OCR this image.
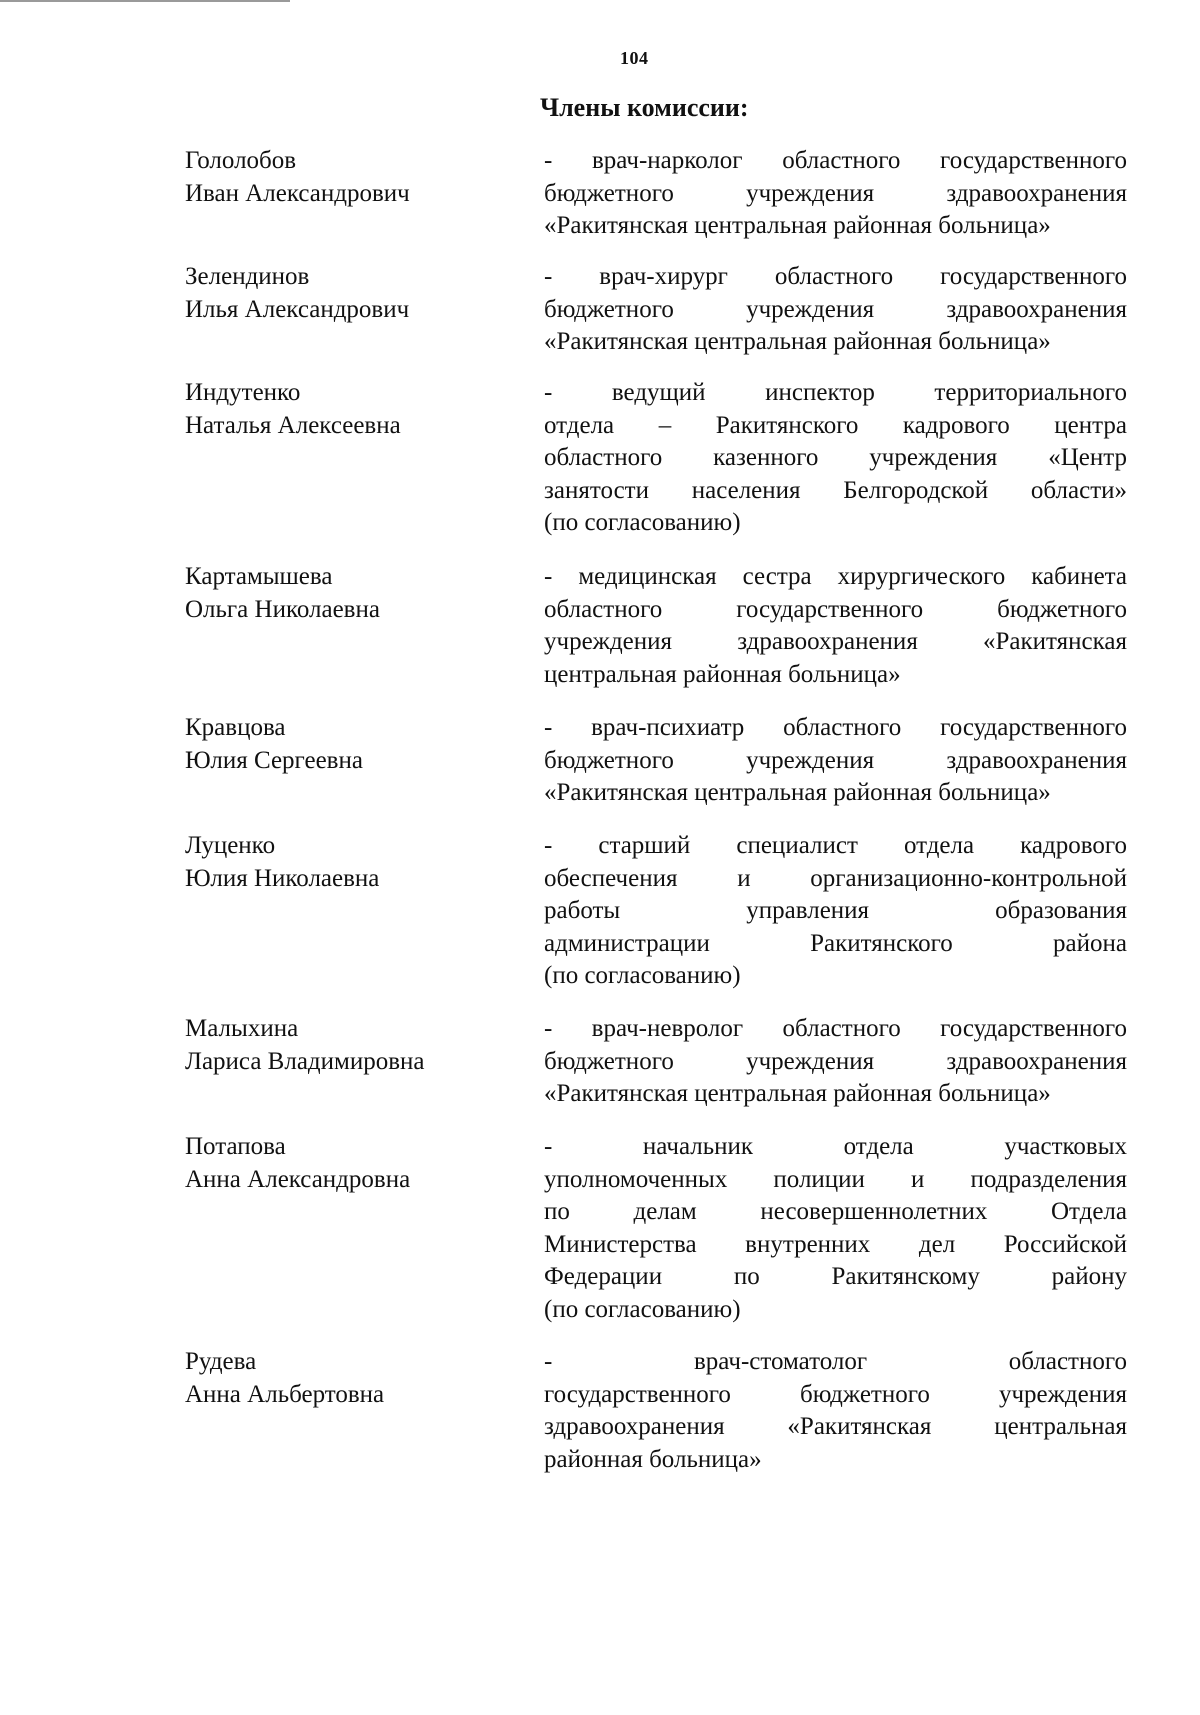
104
Члены комиссии:
Гололобов
Иван Александрович
- врач-нарколог областного государственного
бюджетного учреждения здравоохранения
«Ракитянская центральная районная больница»
Зелендинов
Илья Александрович
- врач-хирург областного государственного
бюджетного учреждения здравоохранения
«Ракитянская центральная районная больница»
Индутенко
Наталья Алексеевна
- ведущий инспектор территориального
отдела – Ракитянского кадрового центра
областного казенного учреждения «Центр
занятости населения Белгородской области»
(по согласованию)
Картамышева
Ольга Николаевна
- медицинская сестра хирургического кабинета
областного государственного бюджетного
учреждения здравоохранения «Ракитянская
центральная районная больница»
Кравцова
Юлия Сергеевна
- врач-психиатр областного государственного
бюджетного учреждения здравоохранения
«Ракитянская центральная районная больница»
Луценко
Юлия Николаевна
- старший специалист отдела кадрового
обеспечения и организационно-контрольной
работы управления образования
администрации Ракитянского района
(по согласованию)
Малыхина
Лариса Владимировна
- врач-невролог областного государственного
бюджетного учреждения здравоохранения
«Ракитянская центральная районная больница»
Потапова
Анна Александровна
- начальник отдела участковых
уполномоченных полиции и подразделения
по делам несовершеннолетних Отдела
Министерства внутренних дел Российской
Федерации по Ракитянскому району
(по согласованию)
Рудева
Анна Альбертовна
- врач-стоматолог областного
государственного бюджетного учреждения
здравоохранения «Ракитянская центральная
районная больница»
